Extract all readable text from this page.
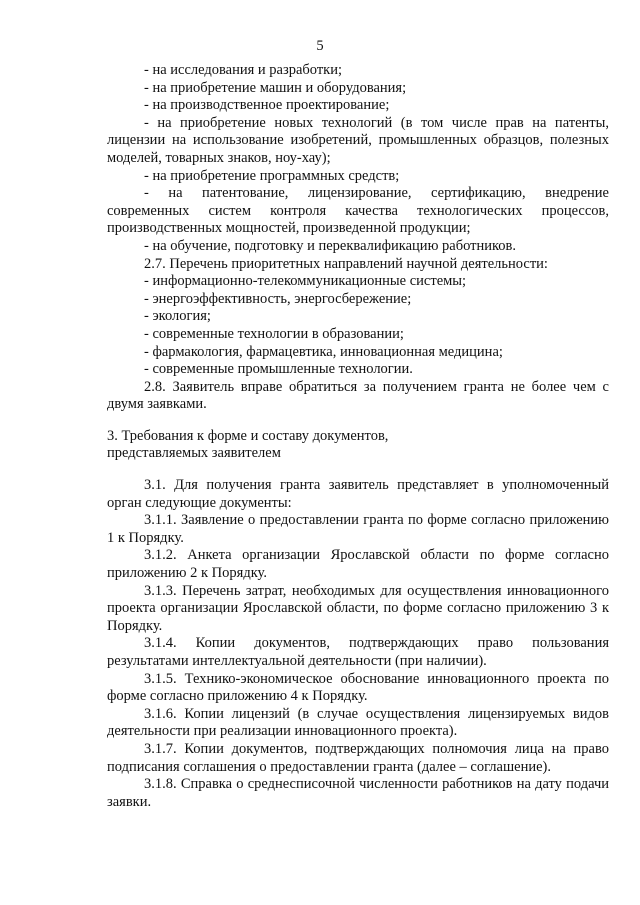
5

- на исследования и разработки;

- на приобретение машин и оборудования;

- на производственное проектирование;

- на приобретение новых технологий (в том числе прав на патенты, лицензии на использование изобретений, промышленных образцов, полезных моделей, товарных знаков, ноу-хау);

- на приобретение программных средств;

- на патентование, лицензирование, сертификацию, внедрение современных систем контроля качества технологических процессов, производственных мощностей, произведенной продукции;

- на обучение, подготовку и переквалификацию работников.

2.7. Перечень приоритетных направлений научной деятельности:

- информационно-телекоммуникационные системы;

- энергоэффективность, энергосбережение;

- экология;

- современные технологии в образовании;

- фармакология, фармацевтика, инновационная медицина;

- современные промышленные технологии.

2.8. Заявитель вправе обратиться за получением гранта не более чем с двумя заявками.

3. Требования к форме и составу документов,
представляемых заявителем

3.1. Для получения гранта заявитель представляет в уполномоченный орган следующие документы:

3.1.1. Заявление о предоставлении гранта по форме согласно приложению 1 к Порядку.

3.1.2. Анкета организации Ярославской области по форме согласно приложению 2 к Порядку.

3.1.3. Перечень затрат, необходимых для осуществления инновационного проекта организации Ярославской области, по форме согласно приложению 3 к Порядку.

3.1.4. Копии документов, подтверждающих право пользования результатами интеллектуальной деятельности (при наличии).

3.1.5. Технико-экономическое обоснование инновационного проекта по форме согласно приложению 4 к Порядку.

3.1.6. Копии лицензий (в случае осуществления лицензируемых видов деятельности при реализации инновационного проекта).

3.1.7. Копии документов, подтверждающих полномочия лица на право подписания соглашения о предоставлении гранта (далее – соглашение).

3.1.8. Справка о среднесписочной численности работников на дату подачи заявки.
